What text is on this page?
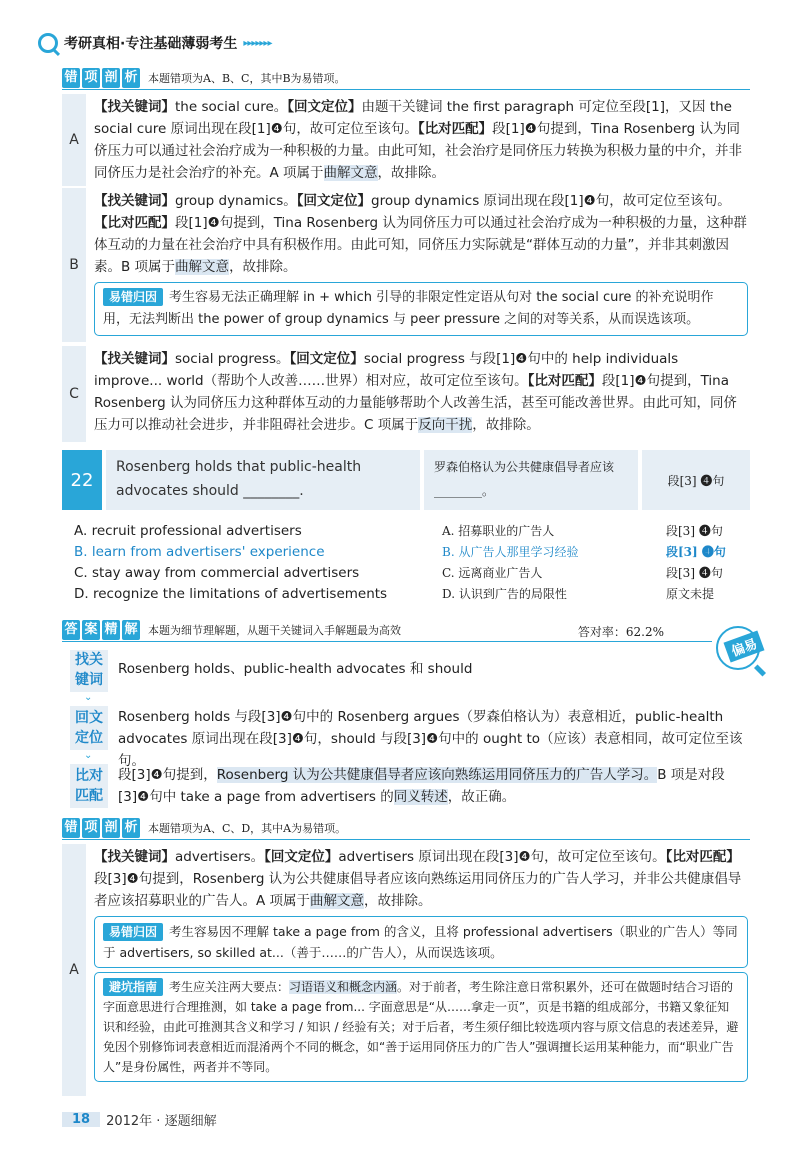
考研真相·专注基础薄弱考生 ▸▸▸▸▸▸▸
错 项 剖 析 本题错项为A、B、C，其中B为易错项。
A
【找关键词】the social cure。【回文定位】由题干关键词 the first paragraph 可定位至段[1]，又因 the social cure 原词出现在段[1]❹句，故可定位至该句。【比对匹配】段[1]❹句提到，Tina Rosenberg 认为同侪压力可以通过社会治疗成为一种积极的力量。由此可知，社会治疗是同侪压力转换为积极力量的中介，并非同侪压力是社会治疗的补充。A 项属于曲解文意，故排除。
B
【找关键词】group dynamics。【回文定位】group dynamics 原词出现在段[1]❹句，故可定位至该句。【比对匹配】段[1]❹句提到，Tina Rosenberg 认为同侪压力可以通过社会治疗成为一种积极的力量，这种群体互动的力量在社会治疗中具有积极作用。由此可知，同侪压力实际就是“群体互动的力量”，并非其刺激因素。B 项属于曲解文意，故排除。
易错归因 考生容易无法正确理解 in + which 引导的非限定性定语从句对 the social cure 的补充说明作用，无法判断出 the power of group dynamics 与 peer pressure 之间的对等关系，从而误选该项。
C
【找关键词】social progress。【回文定位】social progress 与段[1]❹句中的 help individuals improve... world（帮助个人改善……世界）相对应，故可定位至该句。【比对匹配】段[1]❹句提到，Tina Rosenberg 认为同侪压力这种群体互动的力量能够帮助个人改善生活，甚至可能改善世界。由此可知，同侪压力可以推动社会进步，并非阻碍社会进步。C 项属于反向干扰，故排除。
22
Rosenberg holds that public-health advocates should ________.
罗森伯格认为公共健康倡导者应该________。
段[3] ❹句
A. recruit professional advertisers	A. 招募职业的广告人	段[3] ❹句
B. learn from advertisers' experience	B. 从广告人那里学习经验	段[3] ❹句
C. stay away from commercial advertisers	C. 远离商业广告人	段[3] ❹句
D. recognize the limitations of advertisements	D. 认识到广告的局限性	原文未提
答 案 精 解 本题为细节理解题，从题干关键词入手解题最为高效	答对率：62.2%
偏易
找关键词
Rosenberg holds、public-health advocates 和 should
⌄
回文定位
Rosenberg holds 与段[3]❹句中的 Rosenberg argues（罗森伯格认为）表意相近，public-health advocates 原词出现在段[3]❹句，should 与段[3]❹句中的 ought to（应该）表意相同，故可定位至该句。
⌄
比对匹配
段[3]❹句提到，Rosenberg 认为公共健康倡导者应该向熟练运用同侪压力的广告人学习。B 项是对段[3]❹句中 take a page from advertisers 的同义转述，故正确。
错 项 剖 析 本题错项为A、C、D，其中A为易错项。
A
【找关键词】advertisers。【回文定位】advertisers 原词出现在段[3]❹句，故可定位至该句。【比对匹配】段[3]❹句提到，Rosenberg 认为公共健康倡导者应该向熟练运用同侪压力的广告人学习，并非公共健康倡导者应该招募职业的广告人。A 项属于曲解文意，故排除。
易错归因 考生容易因不理解 take a page from 的含义，且将 professional advertisers（职业的广告人）等同于 advertisers, so skilled at...（善于……的广告人），从而误选该项。
避坑指南 考生应关注两大要点：习语语义和概念内涵。对于前者，考生除注意日常积累外，还可在做题时结合习语的字面意思进行合理推测，如 take a page from... 字面意思是“从……拿走一页”，页是书籍的组成部分，书籍又象征知识和经验，由此可推测其含义和学习 / 知识 / 经验有关；对于后者，考生须仔细比较选项内容与原文信息的表述差异，避免因个别修饰词表意相近而混淆两个不同的概念，如“善于运用同侪压力的广告人”强调擅长运用某种能力，而“职业广告人”是身份属性，两者并不等同。
18	2012年 · 逐题细解
